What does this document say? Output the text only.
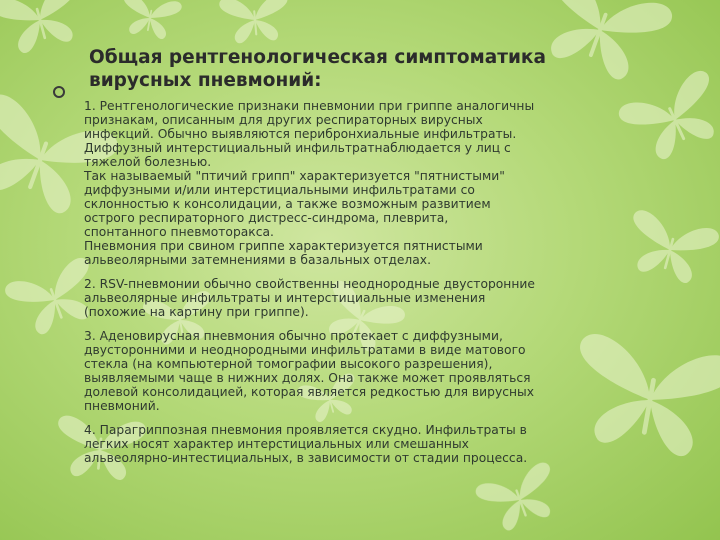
Общая рентгенологическая симптоматика
вирусных пневмоний:

1. Рентгенологические признаки пневмонии при гриппе аналогичны
признакам, описанным для других респираторных вирусных
инфекций. Обычно выявляются перибронхиальные инфильтраты.
Диффузный интерстициальный инфильтратнаблюдается у лиц с
тяжелой болезнью.
Так называемый "птичий грипп" характеризуется "пятнистыми"
диффузными и/или интерстициальными инфильтратами со
склонностью к консолидации, а также возможным развитием
острого респираторного дистресс-синдрома, плеврита,
спонтанного пневмоторакса.
Пневмония при свином гриппе характеризуется пятнистыми
альвеолярными затемнениями в базальных отделах.

2. RSV-пневмонии обычно свойственны неоднородные двусторонние
альвеолярные инфильтраты и интерстициальные изменения
(похожие на картину при гриппе).

3. Аденовирусная пневмония обычно протекает с диффузными,
двусторонними и неоднородными инфильтратами в виде матового
стекла (на компьютерной томографии высокого разрешения),
выявляемыми чаще в нижних долях. Она также может проявляться
долевой консолидацией, которая является редкостью для вирусных
пневмоний.

4. Парагриппозная пневмония проявляется скудно. Инфильтраты в
легких носят характер интерстициальных или смешанных
альвеолярно-интестициальных, в зависимости от стадии процесса.
